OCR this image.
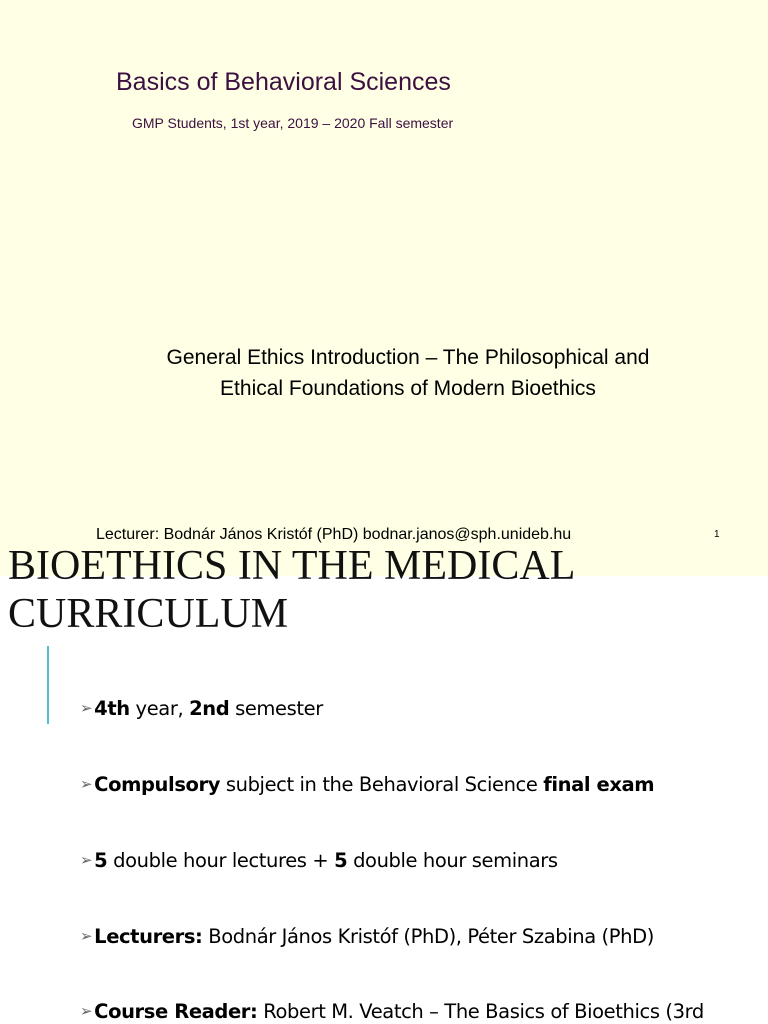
Basics of Behavioral Sciences
GMP Students, 1st year, 2019 – 2020 Fall semester
General Ethics Introduction – The Philosophical and
Ethical Foundations of Modern Bioethics
Lecturer: Bodnár János Kristóf (PhD) bodnar.janos@sph.unideb.hu	1
BIOETHICS IN THE MEDICAL
CURRICULUM
➢ 4th year, 2nd semester
➢ Compulsory subject in the Behavioral Science final exam
➢ 5 double hour lectures + 5 double hour seminars
➢ Lecturers: Bodnár János Kristóf (PhD), Péter Szabina (PhD)
➢ Course Reader: Robert M. Veatch – The Basics of Bioethics (3rd
